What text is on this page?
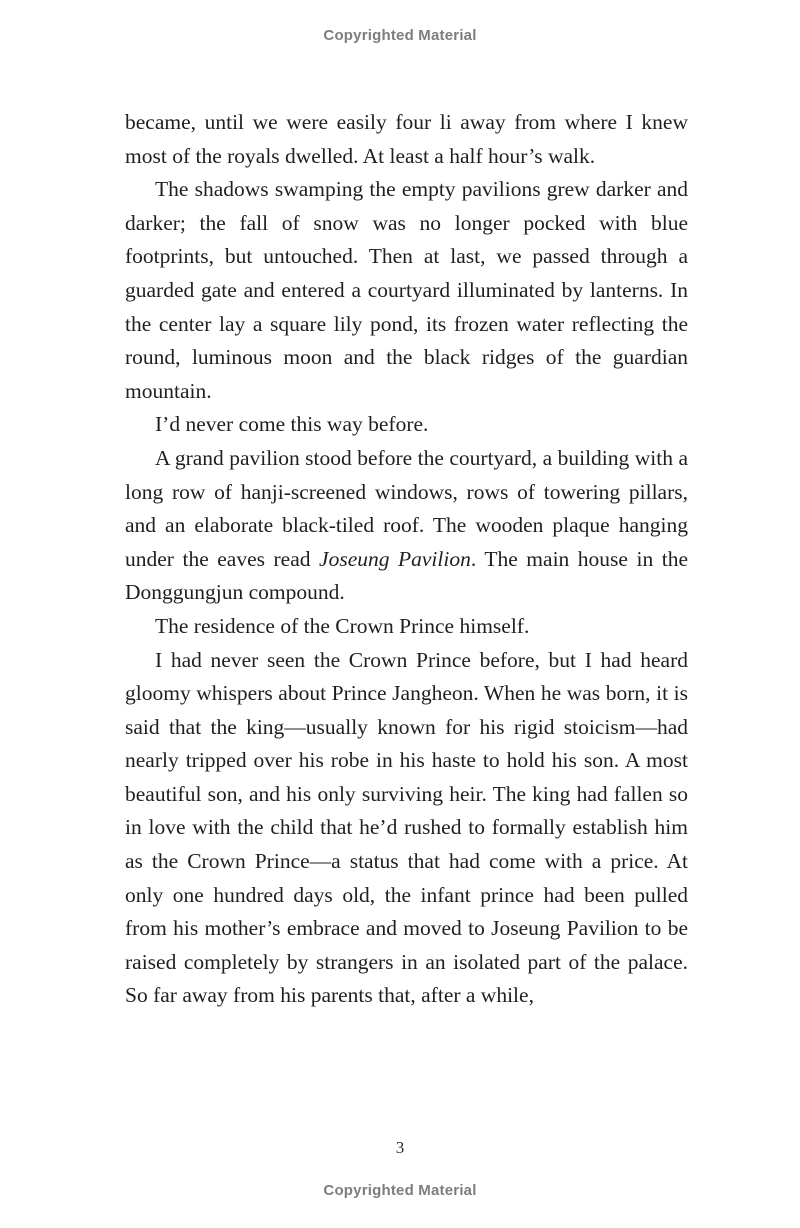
Copyrighted Material

became, until we were easily four li away from where I knew most of the royals dwelled. At least a half hour’s walk.

The shadows swamping the empty pavilions grew darker and darker; the fall of snow was no longer pocked with blue footprints, but untouched. Then at last, we passed through a guarded gate and entered a courtyard illuminated by lanterns. In the center lay a square lily pond, its frozen water reflecting the round, luminous moon and the black ridges of the guardian mountain.

I’d never come this way before.

A grand pavilion stood before the courtyard, a building with a long row of hanji-screened windows, rows of towering pillars, and an elaborate black-tiled roof. The wooden plaque hanging under the eaves read Joseung Pavilion. The main house in the Donggungjun compound.

The residence of the Crown Prince himself.

I had never seen the Crown Prince before, but I had heard gloomy whispers about Prince Jangheon. When he was born, it is said that the king—usually known for his rigid stoicism—had nearly tripped over his robe in his haste to hold his son. A most beautiful son, and his only surviving heir. The king had fallen so in love with the child that he’d rushed to formally establish him as the Crown Prince—a status that had come with a price. At only one hundred days old, the infant prince had been pulled from his mother’s embrace and moved to Joseung Pavilion to be raised completely by strangers in an isolated part of the palace. So far away from his parents that, after a while,

3
Copyrighted Material
